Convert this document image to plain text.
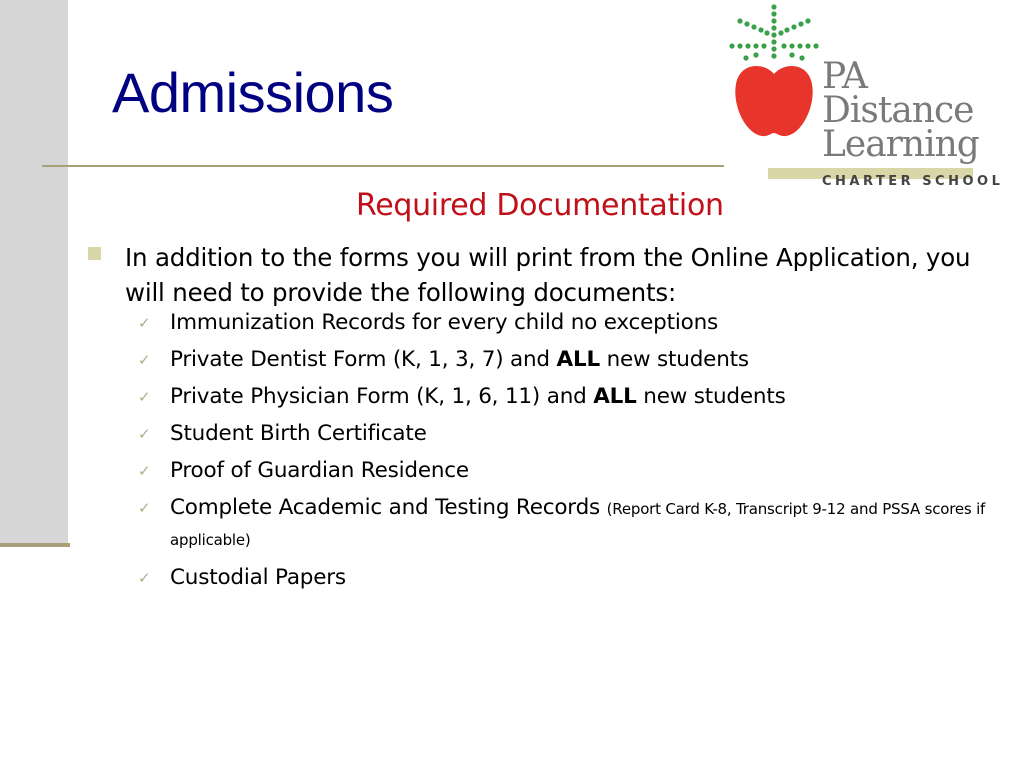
Admissions	PA Distance
Learning
CHARTER SCHOOL
Required Documentation
In addition to the forms you will print from the Online Application, you will need to provide the following documents:
✓ Immunization Records for every child no exceptions
✓ Private Dentist Form (K, 1, 3, 7) and ALL new students
✓ Private Physician Form (K, 1, 6, 11) and ALL new students
✓ Student Birth Certificate
✓ Proof of Guardian Residence
✓ Complete Academic and Testing Records (Report Card K-8, Transcript 9-12 and PSSA scores if applicable)
✓ Custodial Papers
